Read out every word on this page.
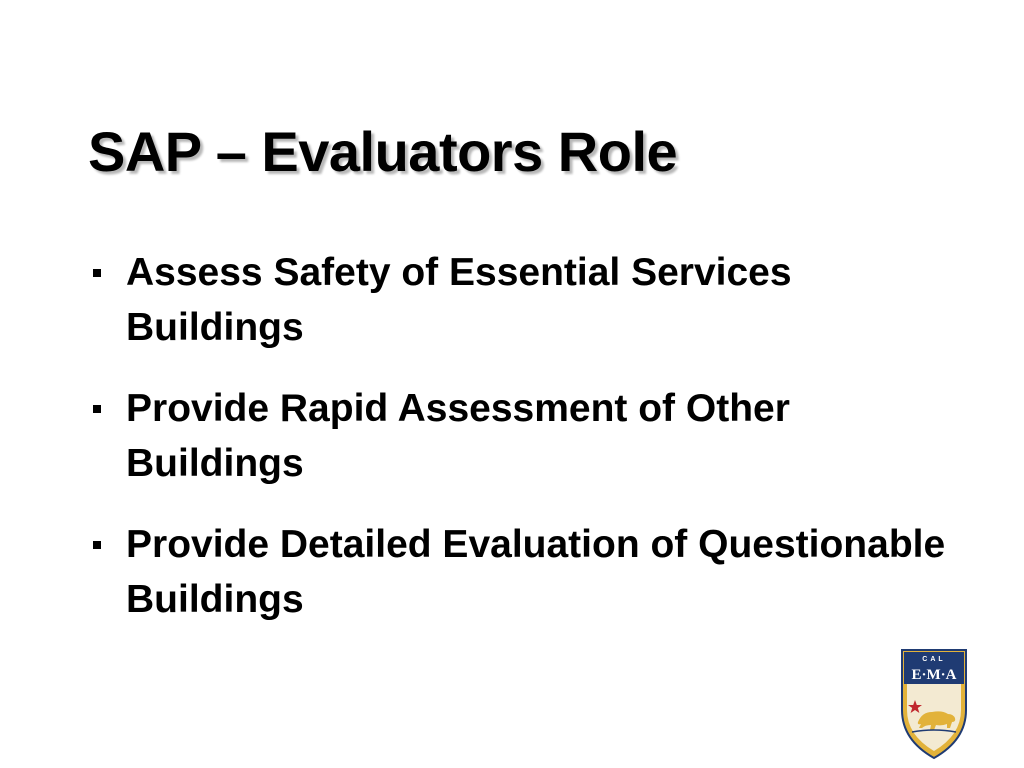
SAP – Evaluators Role
Assess Safety of Essential Services Buildings
Provide Rapid Assessment of Other Buildings
Provide Detailed Evaluation of Questionable Buildings
CAL
E·M·A
